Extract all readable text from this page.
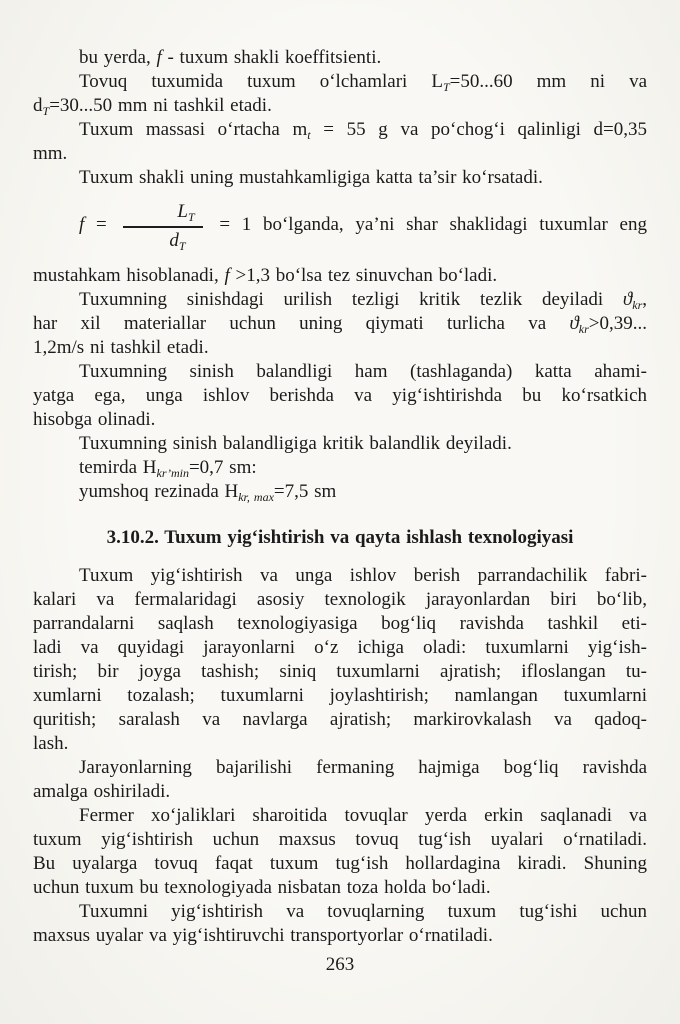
bu yerda, f - tuxum shakli koeffitsienti.
Tovuq tuxumida tuxum o‘lchamlari $L_T=50...60$ mm ni va
$d_T=30...50$ mm ni tashkil etadi.
Tuxum massasi o‘rtacha $m_t = 55$ g va po‘chog‘i qalinligi d=0,35
mm.
Tuxum shakli uning mustahkamligiga katta ta’sir ko‘rsatadi.
$f = \frac{L_T}{d_T} = 1$ bo‘lganda, ya’ni shar shaklidagi tuxumlar eng
mustahkam hisoblanadi, f >1,3 bo‘lsa tez sinuvchan bo‘ladi.
Tuxumning sinishdagi urilish tezligi kritik tezlik deyiladi $ϑ_{kr}$,
har xil materiallar uchun uning qiymati turlicha va $ϑ_{kr}>0,39$...
1,2m/s ni tashkil etadi.
Tuxumning sinish balandligi ham (tashlaganda) katta ahami-
yatga ega, unga ishlov berishda va yig‘ishtirishda bu ko‘rsatkich
hisobga olinadi.
Tuxumning sinish balandligiga kritik balandlik deyiladi.
temirda $H_{kr’min}=0,7$ sm:
yumshoq rezinada $H_{kr, max}=7,5$ sm
3.10.2. Tuxum yig‘ishtirish va qayta ishlash texnologiyasi
Tuxum yig‘ishtirish va unga ishlov berish parrandachilik fabri-
kalari va fermalaridagi asosiy texnologik jarayonlardan biri bo‘lib,
parrandalarni saqlash texnologiyasiga bog‘liq ravishda tashkil eti-
ladi va quyidagi jarayonlarni o‘z ichiga oladi: tuxumlarni yig‘ish-
tirish; bir joyga tashish; siniq tuxumlarni ajratish; ifloslangan tu-
xumlarni tozalash; tuxumlarni joylashtirish; namlangan tuxumlarni
quritish; saralash va navlarga ajratish; markirovkalash va qadoq-
lash.
Jarayonlarning bajarilishi fermaning hajmiga bog‘liq ravishda
amalga oshiriladi.
Fermer xo‘jaliklari sharoitida tovuqlar yerda erkin saqlanadi va
tuxum yig‘ishtirish uchun maxsus tovuq tug‘ish uyalari o‘rnatiladi.
Bu uyalarga tovuq faqat tuxum tug‘ish hollardagina kiradi. Shuning
uchun tuxum bu texnologiyada nisbatan toza holda bo‘ladi.
Tuxumni yig‘ishtirish va tovuqlarning tuxum tug‘ishi uchun
maxsus uyalar va yig‘ishtiruvchi transportyorlar o‘rnatiladi.
263
